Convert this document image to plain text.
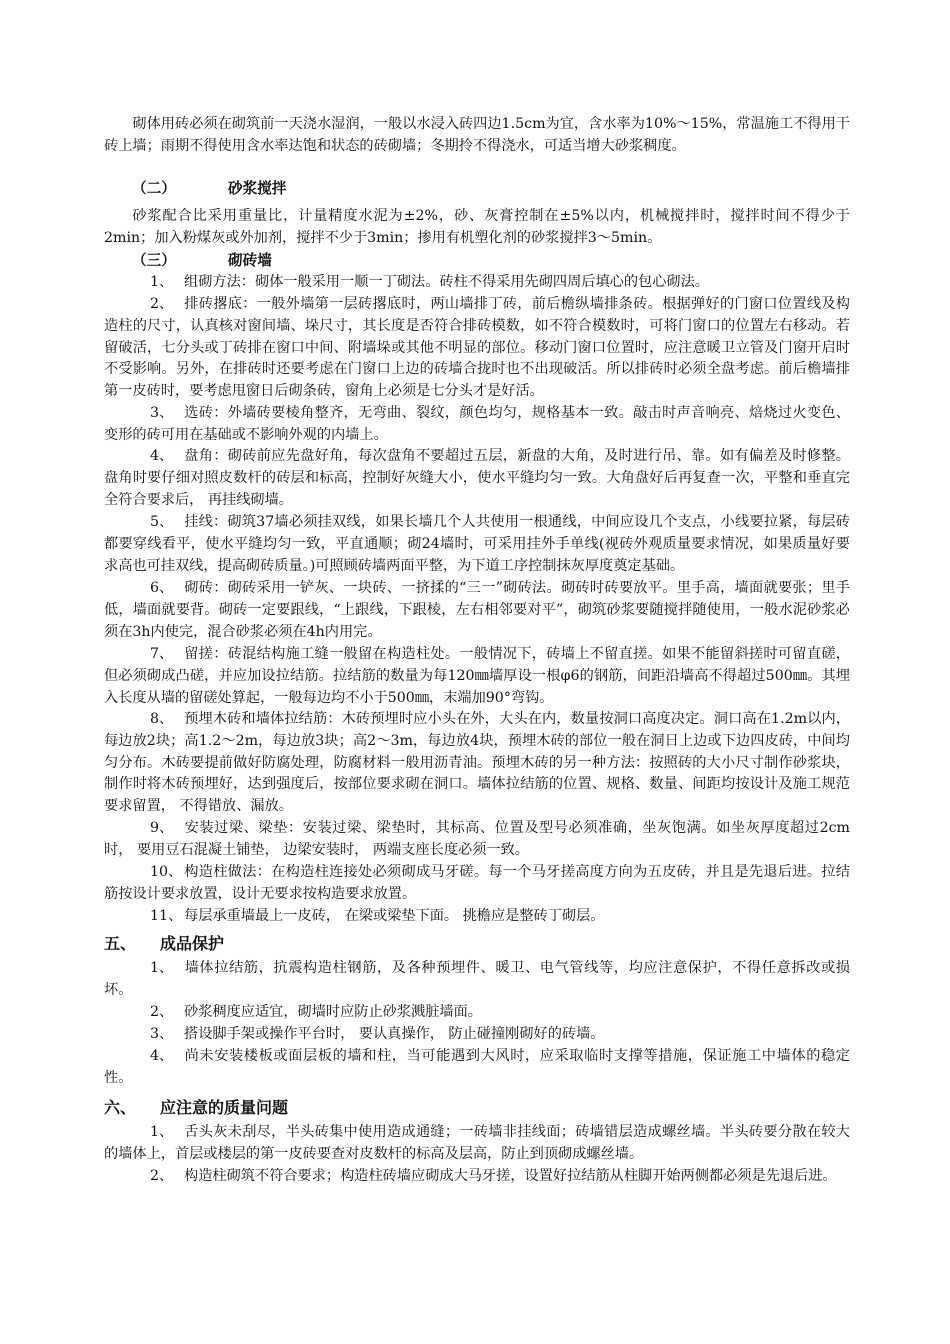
砌体用砖必须在砌筑前一天浇水湿润，一般以水浸入砖四边1.5cm为宜，含水率为10%～15%，常温施工不得用干砖上墙；雨期不得使用含水率达饱和状态的砖砌墙；冬期拎不得浇水，可适当增大砂浆稠度。

（二）	砂浆搅拌

砂浆配合比采用重量比，计量精度水泥为±2%，砂、灰膏控制在±5%以内，机械搅拌时，搅拌时间不得少于2min；加入粉煤灰或外加剂，搅拌不少于3min；掺用有机塑化剂的砂浆搅拌3～5min。

（三）	砌砖墙

1、 组砌方法：砌体一般采用一顺一丁砌法。砖柱不得采用先砌四周后填心的包心砌法。

2、 排砖撂底：一般外墙第一层砖撂底时，两山墙排丁砖，前后檐纵墙排条砖。根据弹好的门窗口位置线及构造柱的尺寸，认真核对窗间墙、垛尺寸，其长度是否符合排砖模数，如不符合模数时，可将门窗口的位置左右移动。若留破活，七分头或丁砖排在窗口中间、附墙垛或其他不明显的部位。移动门窗口位置时，应注意暖卫立管及门窗开启时不受影响。另外，在排砖时还要考虑在门窗口上边的砖墙合拢时也不出现破活。所以排砖时必须全盘考虑。前后檐墙排第一皮砖时，要考虑甩窗日后砌条砖，窗角上必须是七分头才是好活。

3、 选砖：外墙砖要棱角整齐，无弯曲、裂纹，颜色均匀，规格基本一致。敲击时声音响亮、焙烧过火变色、变形的砖可用在基础或不影响外观的内墙上。

4、 盘角：砌砖前应先盘好角，每次盘角不要超过五层，新盘的大角，及时进行吊、靠。如有偏差及时修整。 盘角时要仔细对照皮数杆的砖层和标高，控制好灰缝大小，使水平缝均匀一致。大角盘好后再复查一次，平整和垂直完全符合要求后， 再挂线砌墙。

5、 挂线：砌筑37墙必须挂双线，如果长墙几个人共使用一根通线，中间应设几个支点，小线要拉紧，每层砖都要穿线看平，使水平缝均匀一致，平直通顺；砌24墙时，可采用挂外手单线(视砖外观质量要求情况，如果质量好要求高也可挂双线，提高砌砖质量。)可照顾砖墙两面平整，为下道工序控制抹灰厚度奠定基础。

6、 砌砖：砌砖采用一铲灰、一块砖、一挤揉的“三一”砌砖法。砌砖时砖要放平。里手高，墙面就要张；里手低，墙面就要背。砌砖一定要跟线，“上跟线，下跟棱，左右相邻要对平”，砌筑砂浆要随搅拌随使用，一般水泥砂浆必须在3h内使完，混合砂浆必须在4h内用完。

7、 留搓：砖混结构施工缝一般留在构造柱处。一般情况下，砖墙上不留直搓。如果不能留斜搓时可留直磋，但必须砌成凸磋，并应加设拉结筋。拉结筋的数量为每120㎜墙厚设一根φ6的钢筋，间距沿墙高不得超过500㎜。其埋入长度从墙的留磋处算起，一般每边均不小于500㎜，末端加90°弯钩。

8、 预埋木砖和墙体拉结筋：木砖预埋时应小头在外，大头在内，数量按洞口高度决定。洞口高在1.2m以内，每边放2块；高1.2～2m，每边放3块；高2～3m，每边放4块，预埋木砖的部位一般在洞日上边或下边四皮砖，中间均匀分布。木砖要提前做好防腐处理，防腐材料一般用沥青油。预埋木砖的另一种方法：按照砖的大小尺寸制作砂浆块，制作时将木砖预埋好，达到强度后，按部位要求砌在洞口。墙体拉结筋的位置、规格、数量、间距均按设计及施工规范要求留置， 不得错放、漏放。

9、 安装过梁、梁垫：安装过梁、梁垫时，其标高、位置及型号必须准确，坐灰饱满。如坐灰厚度超过2cm时， 要用豆石混凝土铺垫， 边梁安装时， 两端支座长度必须一致。

10、 构造柱做法：在构造柱连接处必须砌成马牙磋。每一个马牙搓高度方向为五皮砖，并且是先退后进。拉结筋按设计要求放置，设计无要求按构造要求放置。

11、 每层承重墙最上一皮砖， 在梁或梁垫下面。 挑檐应是整砖丁砌层。

五、 成品保护

1、 墙体拉结筋，抗震构造柱钢筋，及各种预埋件、暖卫、电气管线等，均应注意保护，不得任意拆改或损坏。

2、 砂浆稠度应适宜，砌墙时应防止砂浆溅脏墙面。

3、 搭设脚手架或操作平台时， 要认真操作， 防止碰撞刚砌好的砖墙。

4、 尚未安装楼板或面层板的墙和柱，当可能遇到大风时，应采取临时支撑等措施，保证施工中墙体的稳定性。

六、 应注意的质量问题

1、 舌头灰未刮尽，半头砖集中使用造成通缝；一砖墙非挂线面；砖墙错层造成螺丝墙。半头砖要分散在较大的墙体上，首层或楼层的第一皮砖要查对皮数杆的标高及层高，防止到顶砌成螺丝墙。

2、 构造柱砌筑不符合要求；构造柱砖墙应砌成大马牙搓，设置好拉结筋从柱脚开始两侧都必须是先退后进。
